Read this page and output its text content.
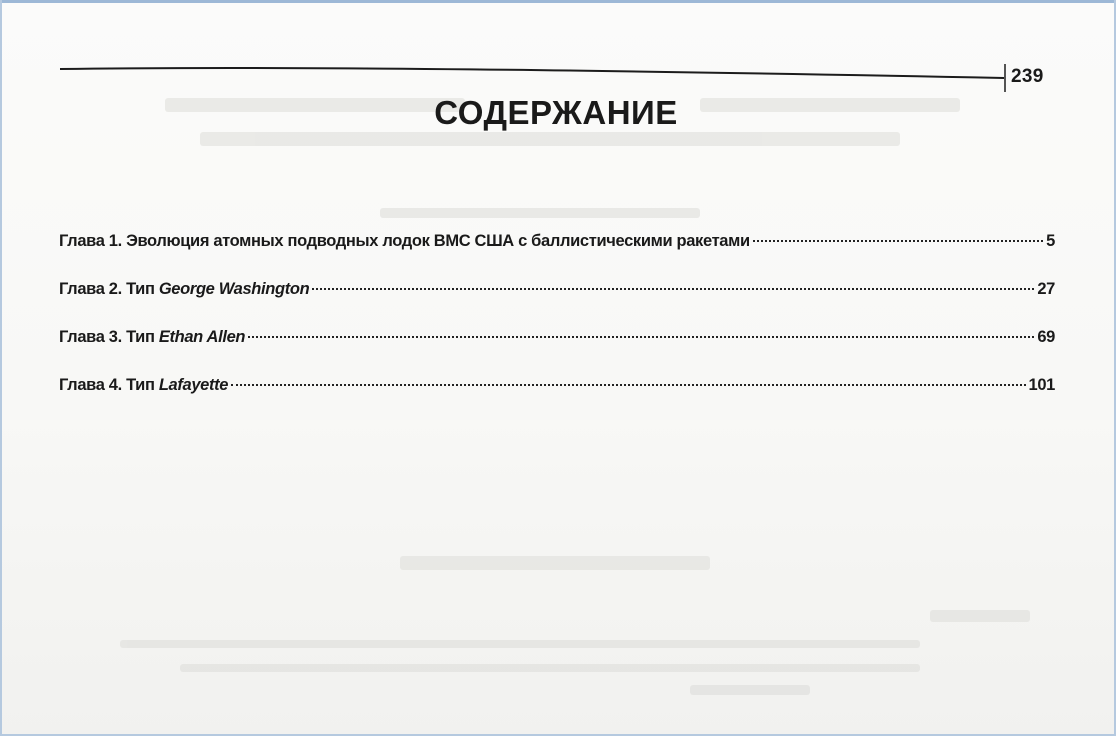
239
СОДЕРЖАНИЕ
Глава 1. Эволюция атомных подводных лодок ВМС США с баллистическими ракетами	5
Глава 2. Тип George Washington	27
Глава 3. Тип Ethan Allen	69
Глава 4. Тип Lafayette	101
